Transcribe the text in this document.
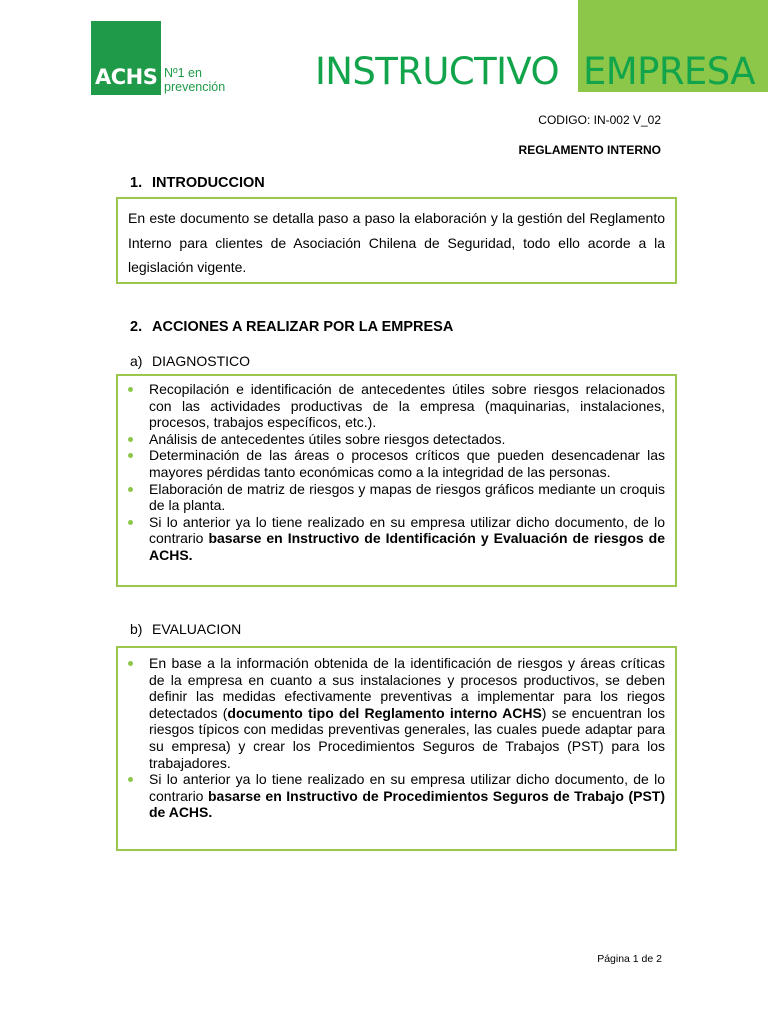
ACHS Nº1 en
prevención INSTRUCTIVO EMPRESA
CODIGO: IN-002 V_02
REGLAMENTO INTERNO
1. INTRODUCCION

En este documento se detalla paso a paso la elaboración y la gestión del Reglamento Interno para clientes de Asociación Chilena de Seguridad, todo ello acorde a la legislación vigente.

2. ACCIONES A REALIZAR POR LA EMPRESA
a) DIAGNOSTICO
Recopilación e identificación de antecedentes útiles sobre riesgos relacionados con las actividades productivas de la empresa (maquinarias, instalaciones, procesos, trabajos específicos, etc.).
Análisis de antecedentes útiles sobre riesgos detectados.
Determinación de las áreas o procesos críticos que pueden desencadenar las mayores pérdidas tanto económicas como a la integridad de las personas.
Elaboración de matriz de riesgos y mapas de riesgos gráficos mediante un croquis de la planta.
Si lo anterior ya lo tiene realizado en su empresa utilizar dicho documento, de lo contrario basarse en Instructivo de Identificación y Evaluación de riesgos de ACHS.
b) EVALUACION
En base a la información obtenida de la identificación de riesgos y áreas críticas de la empresa en cuanto a sus instalaciones y procesos productivos, se deben definir las medidas efectivamente preventivas a implementar para los riegos detectados (documento tipo del Reglamento interno ACHS) se encuentran los riesgos típicos con medidas preventivas generales, las cuales puede adaptar para su empresa) y crear los Procedimientos Seguros de Trabajos (PST) para los trabajadores.
Si lo anterior ya lo tiene realizado en su empresa utilizar dicho documento, de lo contrario basarse en Instructivo de Procedimientos Seguros de Trabajo (PST) de ACHS.
Página 1 de 2
